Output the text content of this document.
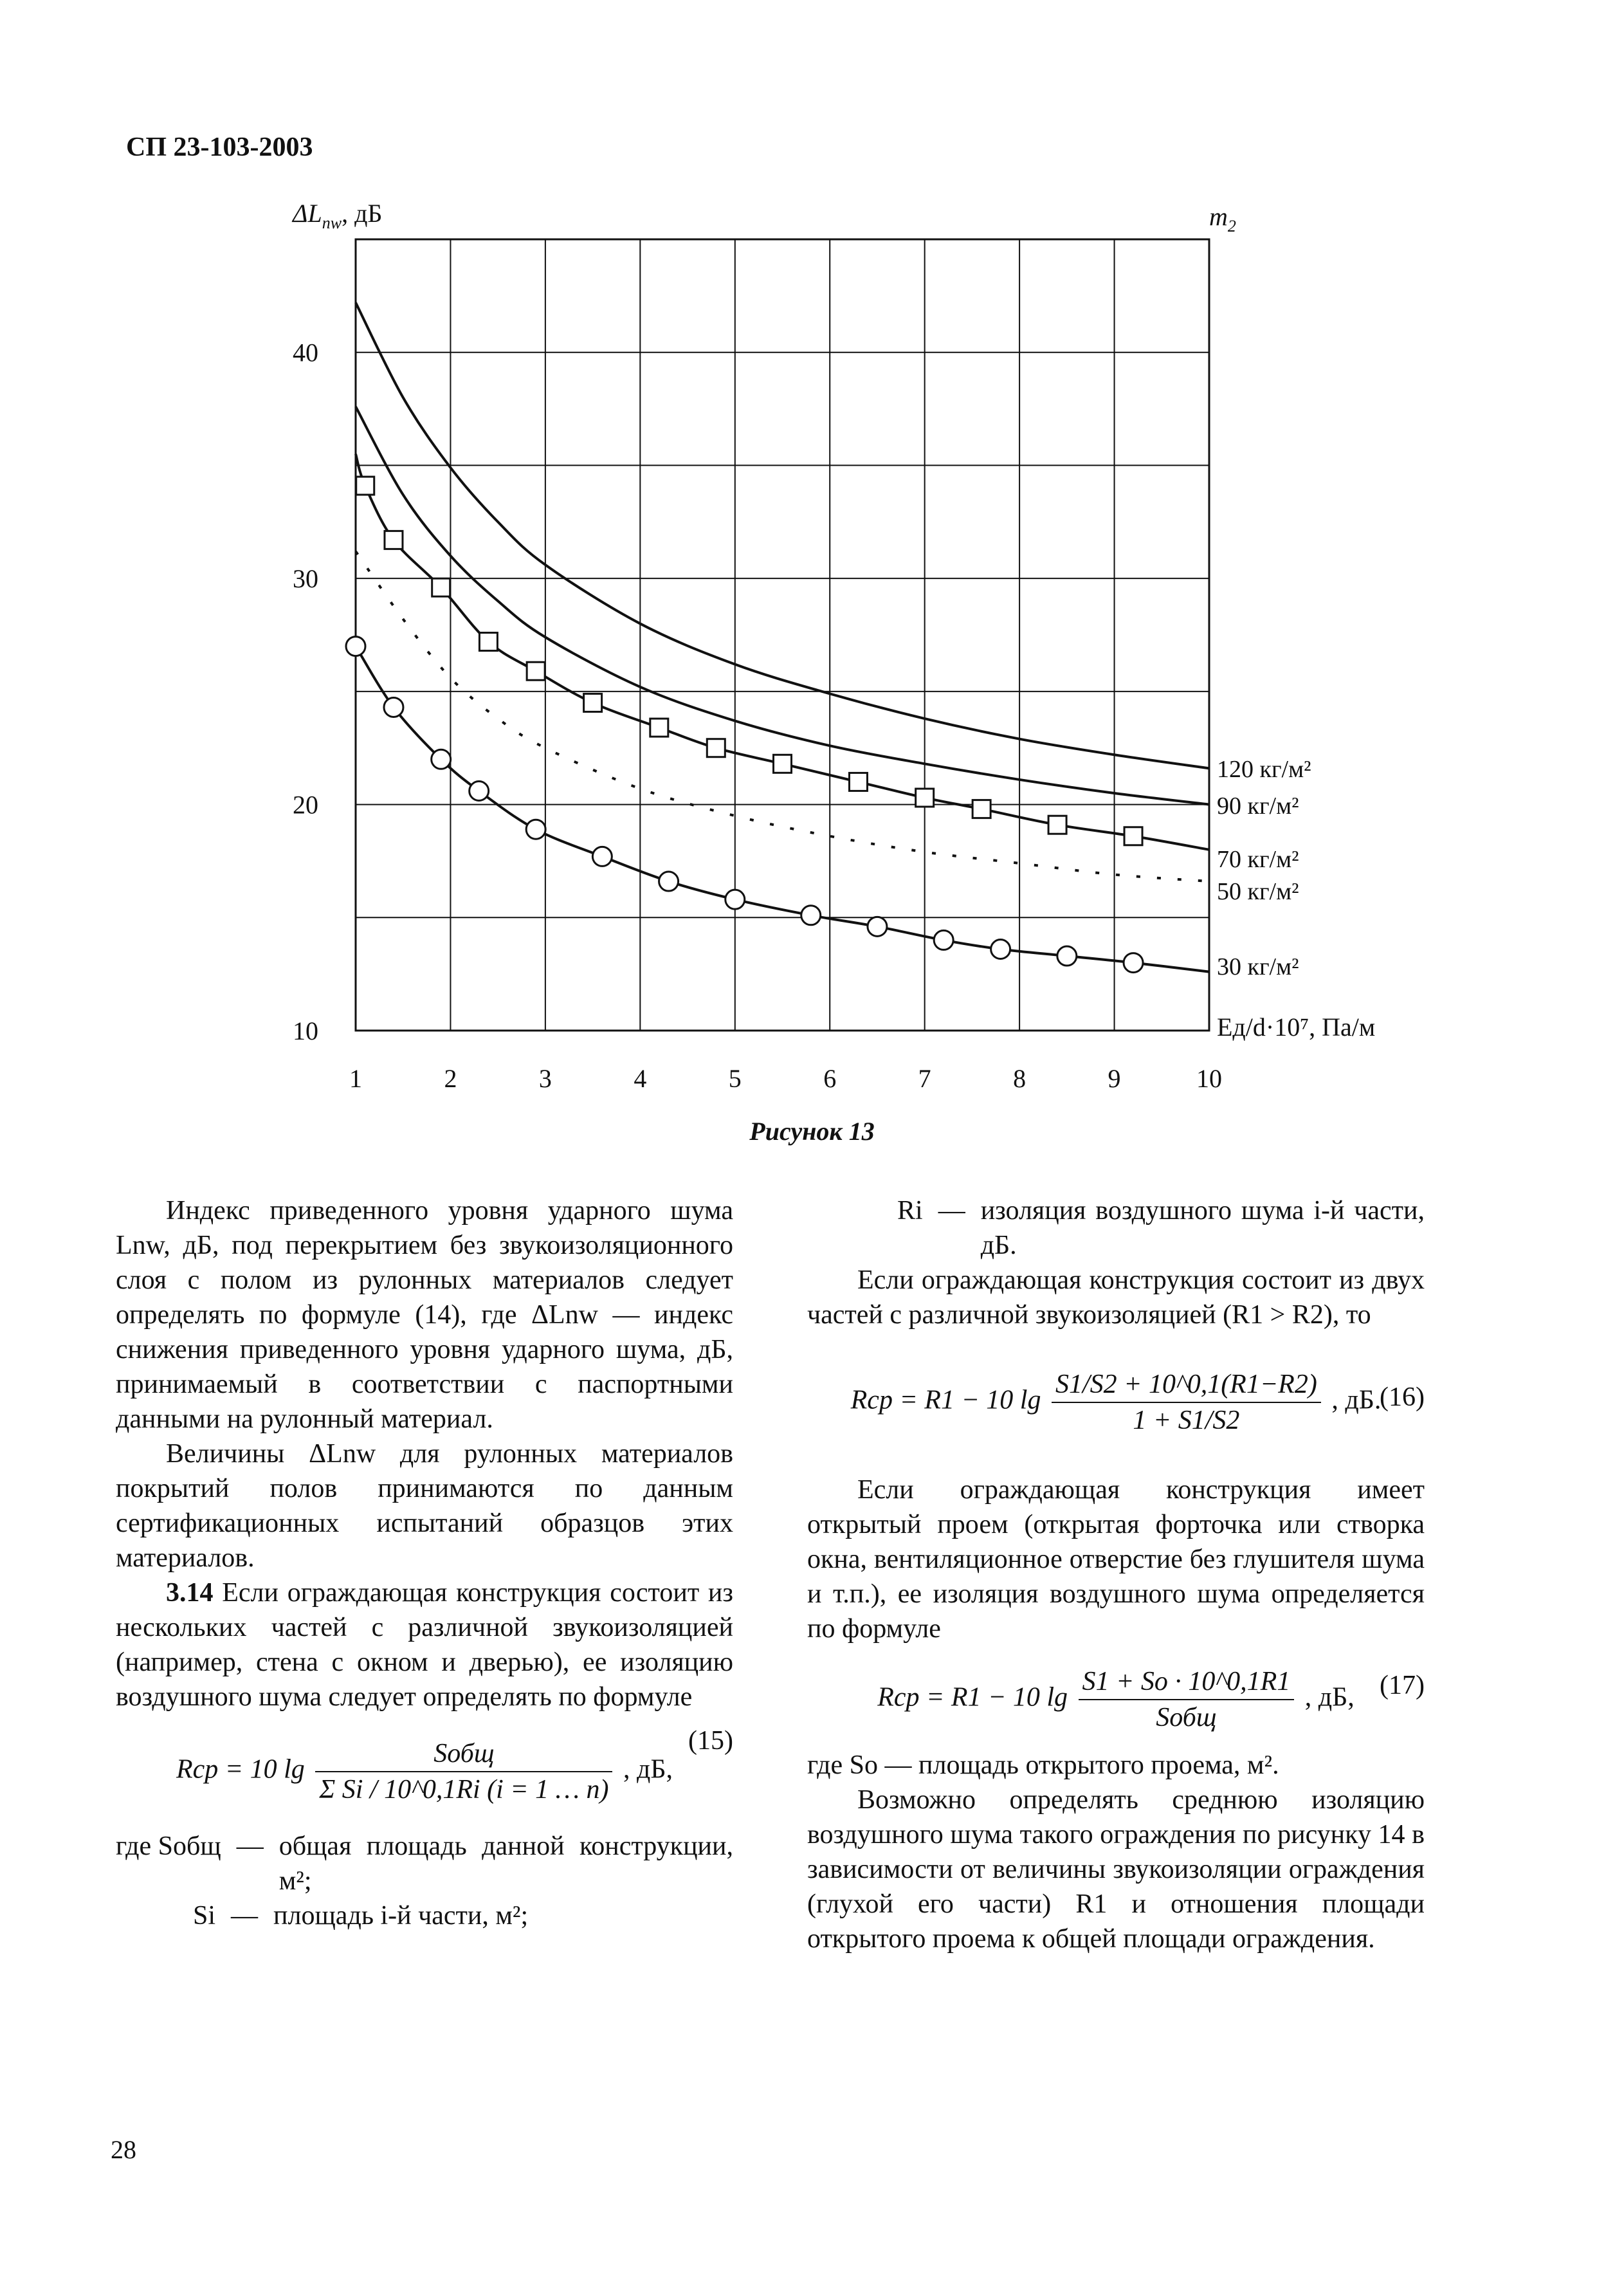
СП 23-103-2003
120 кг/м²
90 кг/м²
70 кг/м²
50 кг/м²
30 кг/м²
40
30
20
10
1	2	3	4	5	6	7	8	9	10
$\Delta L_{nw}$, дБ	$m_2$
Eд/d·10⁷, Па/м
Рисунок 13

Индекс приведенного уровня ударного шума Lnw, дБ, под перекрытием без звукоизоляционного слоя с полом из рулонных материалов следует определять по формуле (14), где ΔLnw — индекс снижения приведенного уровня ударного шума, дБ, принимаемый в соответствии с паспортными данными на рулонный материал.

Величины ΔLnw для рулонных материалов покрытий полов принимаются по данным сертификационных испытаний образцов этих материалов.

3.14 Если ограждающая конструкция состоит из нескольких частей с различной звукоизоляцией (например, стена с окном и дверью), ее изоляцию воздушного шума следует определять по формуле

Rср = 10 $\lg \frac{\text{Sобщ}}{\text{Σ Si / 10\textasciicircum{}0,1Ri (i = 1 … n)}}$ , дБ,
(15)
где Sобщ — общая площадь данной конструкции, м²;
Si — площадь i-й части, м²;
Ri — изоляция воздушного шума i-й части, дБ.

Если ограждающая конструкция состоит из двух частей с различной звукоизоляцией (R1 > R2), то

Rср = R1 − 10 $\lg \frac{S1/S2 + 10\^{}0,1(R1-R2)}{1 + S1/S2}$ , дБ.
(16)

Если ограждающая конструкция имеет открытый проем (открытая форточка или створка окна, вентиляционное отверстие без глушителя шума и т.п.), ее изоляция воздушного шума определяется по формуле

Rср = R1 − 10 $\lg \frac{S1 + Sо \cdot 10\^{}0,1R1}{\text{Sобщ}}$ , дБ, (17)

где Sо — площадь открытого проема, м².

Возможно определять среднюю изоляцию воздушного шума такого ограждения по рисунку 14 в зависимости от величины звукоизоляции ограждения (глухой его части) R1 и отношения площади открытого проема к общей площади ограждения.

28
